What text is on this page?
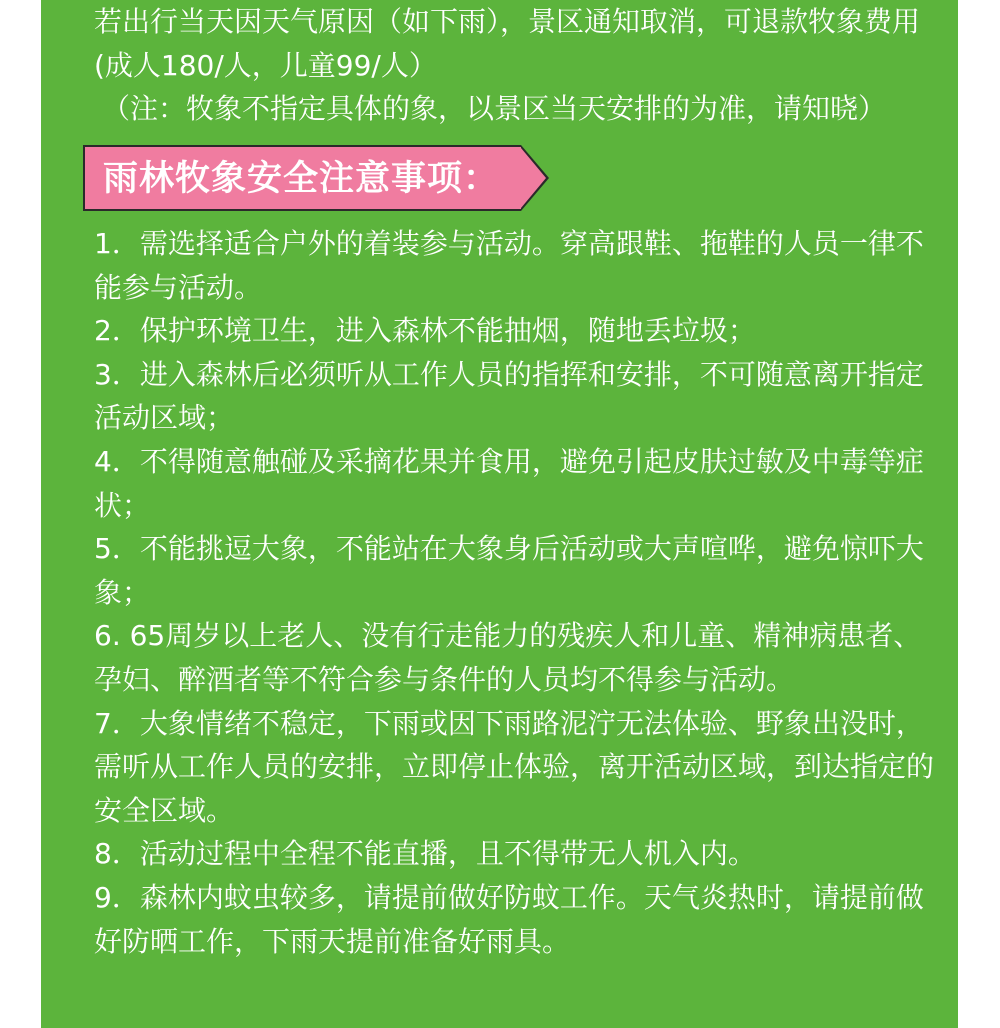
若出行当天因天气原因（如下雨），景区通知取消，可退款牧象费用(成人180/人，儿童99/人）

（注：牧象不指定具体的象，以景区当天安排的为准，请知晓）

雨林牧象安全注意事项：

1．需选择适合户外的着装参与活动。穿高跟鞋、拖鞋的人员一律不能参与活动。

2．保护环境卫生，进入森林不能抽烟，随地丢垃圾；

3．进入森林后必须听从工作人员的指挥和安排，不可随意离开指定活动区域；

4．不得随意触碰及采摘花果并食用，避免引起皮肤过敏及中毒等症状；

5．不能挑逗大象，不能站在大象身后活动或大声喧哗，避免惊吓大象；

6. 65周岁以上老人、没有行走能力的残疾人和儿童、精神病患者、孕妇、醉酒者等不符合参与条件的人员均不得参与活动。

7．大象情绪不稳定，下雨或因下雨路泥泞无法体验、野象出没时，需听从工作人员的安排，立即停止体验，离开活动区域，到达指定的安全区域。

8．活动过程中全程不能直播，且不得带无人机入内。

9．森林内蚊虫较多，请提前做好防蚊工作。天气炎热时，请提前做好防晒工作，下雨天提前准备好雨具。
